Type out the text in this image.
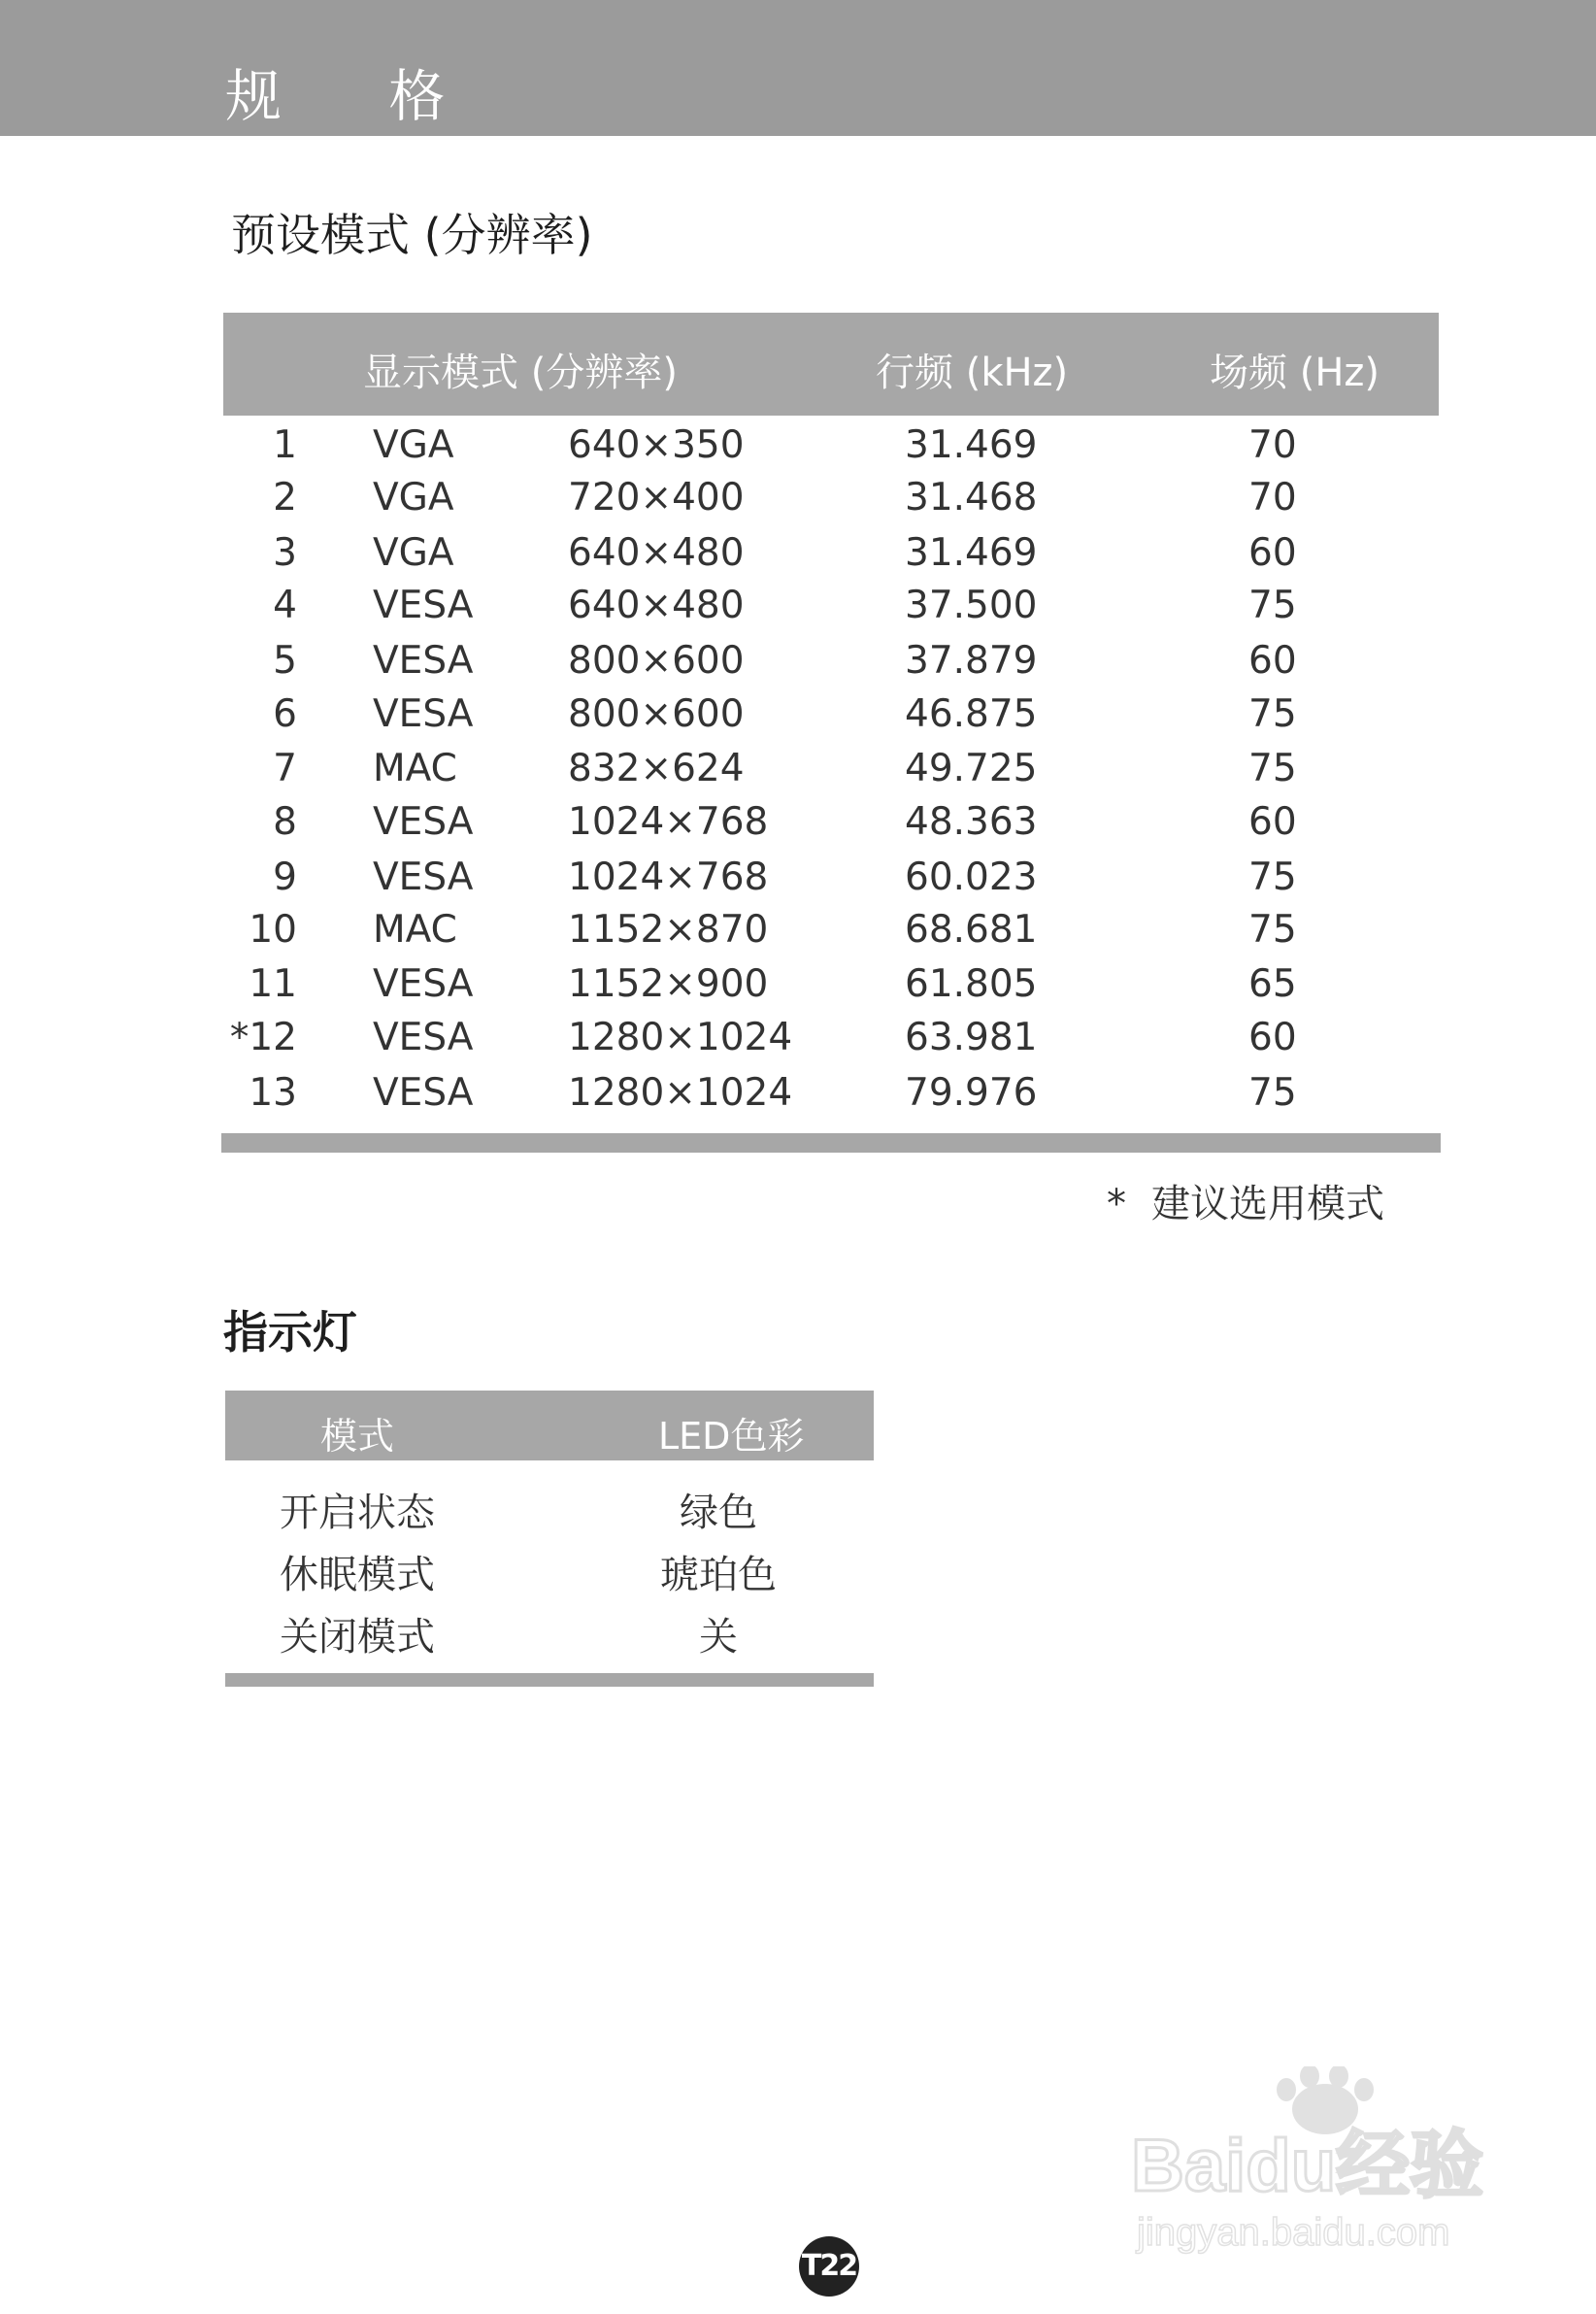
规 格
预设模式 (分辨率)
显示模式 (分辨率)	行频 (kHz)	场频 (Hz)
1 VGA	640×350	31.469	70
2 VGA	720×400	31.468	70
3 VGA	640×480	31.469	60
4 VESA	640×480	37.500	75
5 VESA	800×600	37.879	60
6 VESA	800×600	46.875	75
7 MAC	832×624	49.725	75
8 VESA	1024×768	48.363	60
9 VESA	1024×768	60.023	75
10 MAC	1152×870	68.681	75
11 VESA	1152×900	61.805	65
*12 VESA	1280×1024	63.981	60
13 VESA	1280×1024	79.976	75
* 建议选用模式
指示灯
模式	LED色彩
开启状态	绿色
休眠模式	琥珀色
关闭模式	关
Baidu经验
jingyan.baidu.com
T22
